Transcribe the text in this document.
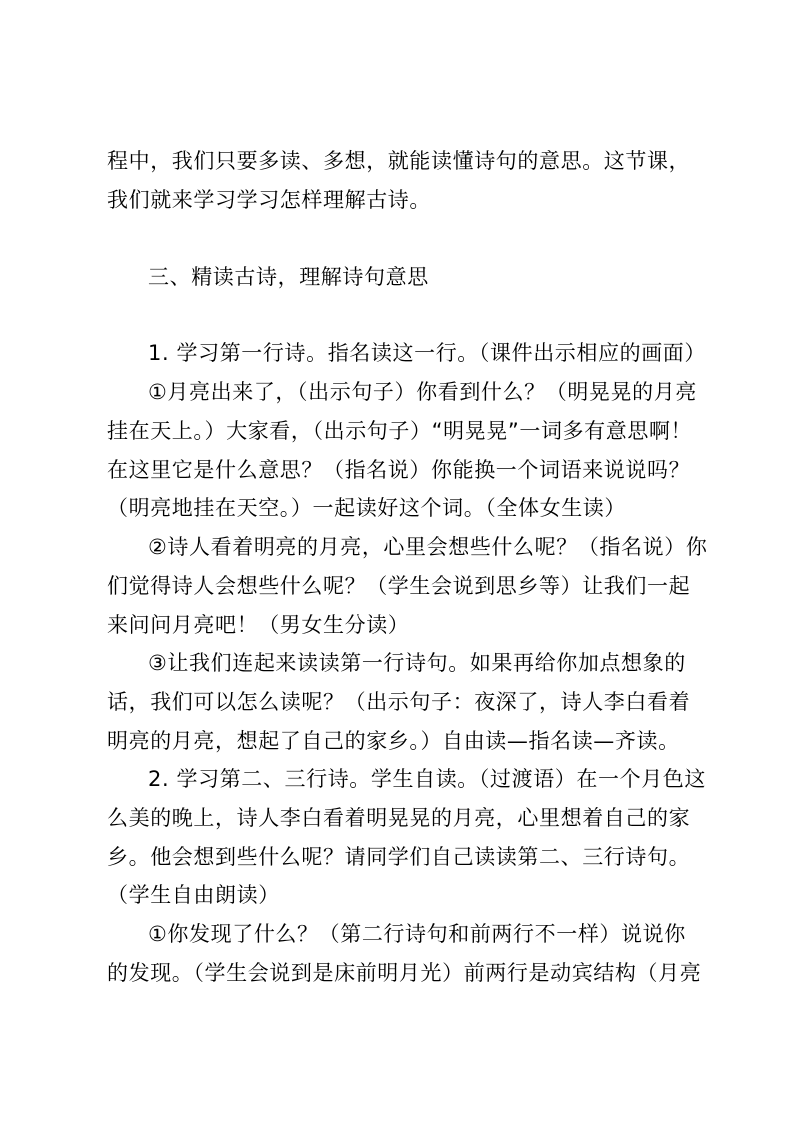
程中，我们只要多读、多想，就能读懂诗句的意思。这节课，
我们就来学习学习怎样理解古诗。
三、精读古诗，理解诗句意思
1. 学习第一行诗。指名读这一行。（课件出示相应的画面）
①月亮出来了，（出示句子）你看到什么？（明晃晃的月亮
挂在天上。）大家看，（出示句子）“明晃晃”一词多有意思啊！
在这里它是什么意思？（指名说）你能换一个词语来说说吗？
（明亮地挂在天空。）一起读好这个词。（全体女生读）
②诗人看着明亮的月亮，心里会想些什么呢？（指名说）你
们觉得诗人会想些什么呢？（学生会说到思乡等）让我们一起
来问问月亮吧！（男女生分读）
③让我们连起来读读第一行诗句。如果再给你加点想象的
话，我们可以怎么读呢？（出示句子：夜深了，诗人李白看着
明亮的月亮，想起了自己的家乡。）自由读—指名读—齐读。
2. 学习第二、三行诗。学生自读。（过渡语）在一个月色这
么美的晚上，诗人李白看着明晃晃的月亮，心里想着自己的家
乡。他会想到些什么呢？请同学们自己读读第二、三行诗句。
（学生自由朗读）
①你发现了什么？（第二行诗句和前两行不一样）说说你
的发现。（学生会说到是床前明月光）前两行是动宾结构（月亮
